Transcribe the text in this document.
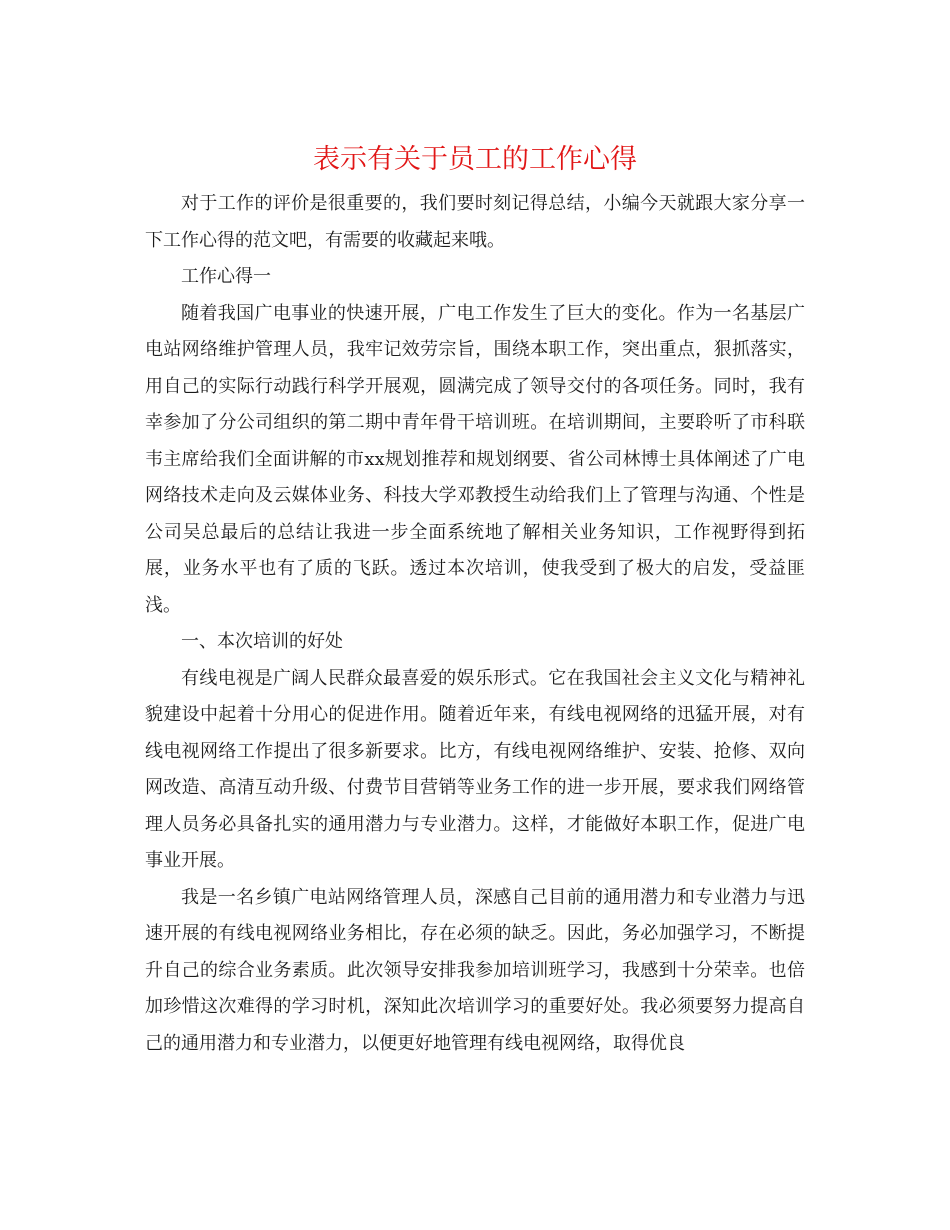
表示有关于员工的工作心得

对于工作的评价是很重要的，我们要时刻记得总结，小编今天就跟大家分享一下工作心得的范文吧，有需要的收藏起来哦。

工作心得一

随着我国广电事业的快速开展，广电工作发生了巨大的变化。作为一名基层广电站网络维护管理人员，我牢记效劳宗旨，围绕本职工作，突出重点，狠抓落实，用自己的实际行动践行科学开展观，圆满完成了领导交付的各项任务。同时，我有幸参加了分公司组织的第二期中青年骨干培训班。在培训期间，主要聆听了市科联韦主席给我们全面讲解的市xx规划推荐和规划纲要、省公司林博士具体阐述了广电网络技术走向及云媒体业务、科技大学邓教授生动给我们上了管理与沟通、个性是公司吴总最后的总结让我进一步全面系统地了解相关业务知识，工作视野得到拓展，业务水平也有了质的飞跃。透过本次培训，使我受到了极大的启发，受益匪浅。

一、本次培训的好处

有线电视是广阔人民群众最喜爱的娱乐形式。它在我国社会主义文化与精神礼貌建设中起着十分用心的促进作用。随着近年来，有线电视网络的迅猛开展，对有线电视网络工作提出了很多新要求。比方，有线电视网络维护、安装、抢修、双向网改造、高清互动升级、付费节目营销等业务工作的进一步开展，要求我们网络管理人员务必具备扎实的通用潜力与专业潜力。这样，才能做好本职工作，促进广电事业开展。

我是一名乡镇广电站网络管理人员，深感自己目前的通用潜力和专业潜力与迅速开展的有线电视网络业务相比，存在必须的缺乏。因此，务必加强学习，不断提升自己的综合业务素质。此次领导安排我参加培训班学习，我感到十分荣幸。也倍加珍惜这次难得的学习时机，深知此次培训学习的重要好处。我必须要努力提高自己的通用潜力和专业潜力，以便更好地管理有线电视网络，取得优良
